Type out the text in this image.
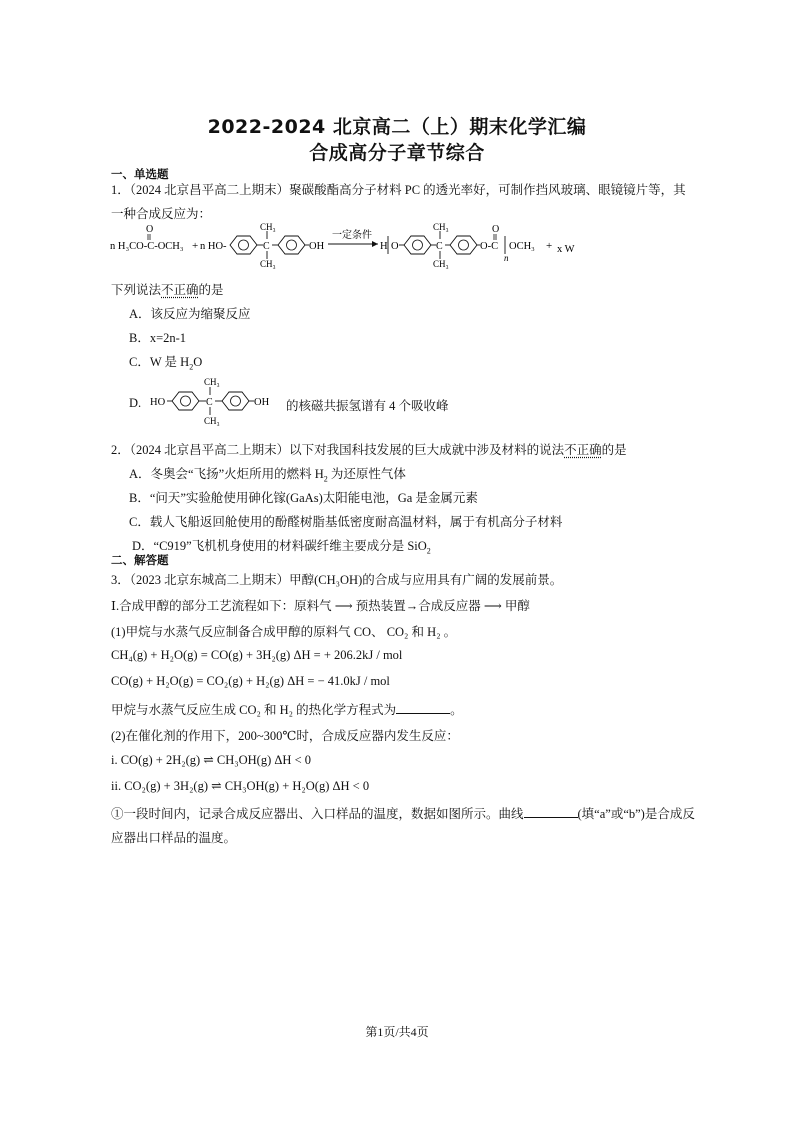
2022-2024 北京高二（上）期末化学汇编
合成高分子章节综合
一、单选题
1．（2024 北京昌平高二上期末）聚碳酸酯高分子材料 PC 的透光率好，可制作挡风玻璃、眼镜镜片等，其
一种合成反应为：
O
n H₃CO-C-OCH₃ + n HO-	C
CH₃
CH₃
OH
一定条件
H O	C
CH₃
CH₃
O-C
O
n
OCH₃ + x W
下列说法不正确的是
A．该反应为缩聚反应
B．x=2n-1
C．W 是 $H_2O$
D. HO	C
CH₃
CH₃
OH 的核磁共振氢谱有 4 个吸收峰
2．（2024 北京昌平高二上期末）以下对我国科技发展的巨大成就中涉及材料的说法不正确的是
A．冬奥会“飞扬”火炬所用的燃料 $H_2$ 为还原性气体
B．“问天”实验舱使用砷化镓(GaAs)太阳能电池，Ga 是金属元素
C．载人飞船返回舱使用的酚醛树脂基低密度耐高温材料，属于有机高分子材料
D．“C919”飞机机身使用的材料碳纤维主要成分是 SiO$_2$
二、解答题
3．（2023 北京东城高二上期末）甲醇(CH₃OH)的合成与应用具有广阔的发展前景。
Ⅰ.合成甲醇的部分工艺流程如下：原料气 ⟶ 预热装置→合成反应器 ⟶ 甲醇
(1)甲烷与水蒸气反应制备合成甲醇的原料气 CO、 CO₂ 和 H₂ 。
CH₄(g) + H₂O(g) = CO(g) + 3H₂(g) ΔH = + 206.2kJ / mol
CO(g) + H₂O(g) = CO₂(g) + H₂(g) ΔH = − 41.0kJ / mol
甲烷与水蒸气反应生成 CO₂ 和 H₂ 的热化学方程式为	。
(2)在催化剂的作用下，200~300℃时，合成反应器内发生反应：
i. CO(g) + 2H₂(g) ⇌ CH₃OH(g) ΔH < 0
ii. CO₂(g) + 3H₂(g) ⇌ CH₃OH(g) + H₂O(g) ΔH < 0
①一段时间内，记录合成反应器出、入口样品的温度，数据如图所示。曲线	(填“a”或“b”)是合成反
应器出口样品的温度。
第1页/共4页
